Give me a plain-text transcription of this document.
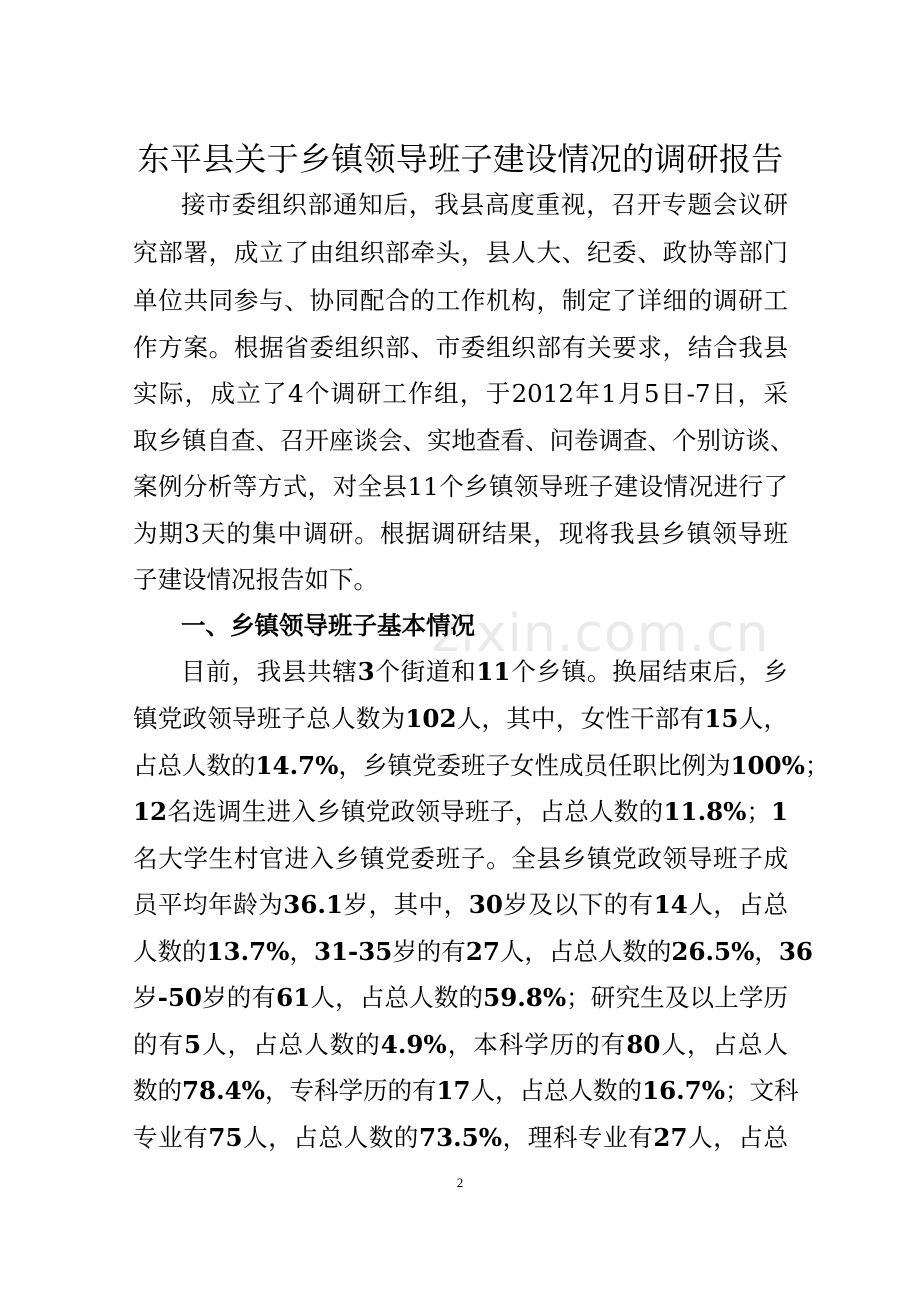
东平县关于乡镇领导班子建设情况的调研报告
接市委组织部通知后，我县高度重视，召开专题会议研
究部署，成立了由组织部牵头，县人大、纪委、政协等部门
单位共同参与、协同配合的工作机构，制定了详细的调研工
作方案。根据省委组织部、市委组织部有关要求，结合我县
实际，成立了4个调研工作组，于2012年1月5日-7日，采
取乡镇自查、召开座谈会、实地查看、问卷调查、个别访谈、
案例分析等方式，对全县11个乡镇领导班子建设情况进行了
为期3天的集中调研。根据调研结果，现将我县乡镇领导班
子建设情况报告如下。
zixin.com.cn
一、乡镇领导班子基本情况
目前，我县共辖3个街道和11个乡镇。换届结束后，乡
镇党政领导班子总人数为102人，其中，女性干部有15人，
占总人数的14.7%，乡镇党委班子女性成员任职比例为100%；
12名选调生进入乡镇党政领导班子，占总人数的11.8%；1
名大学生村官进入乡镇党委班子。全县乡镇党政领导班子成
员平均年龄为36.1岁，其中，30岁及以下的有14人，占总
人数的13.7%，31-35岁的有27人，占总人数的26.5%，36
岁-50岁的有61人，占总人数的59.8%；研究生及以上学历
的有5人，占总人数的4.9%，本科学历的有80人，占总人
数的78.4%，专科学历的有17人，占总人数的16.7%；文科
专业有75人，占总人数的73.5%，理科专业有27人，占总
2
